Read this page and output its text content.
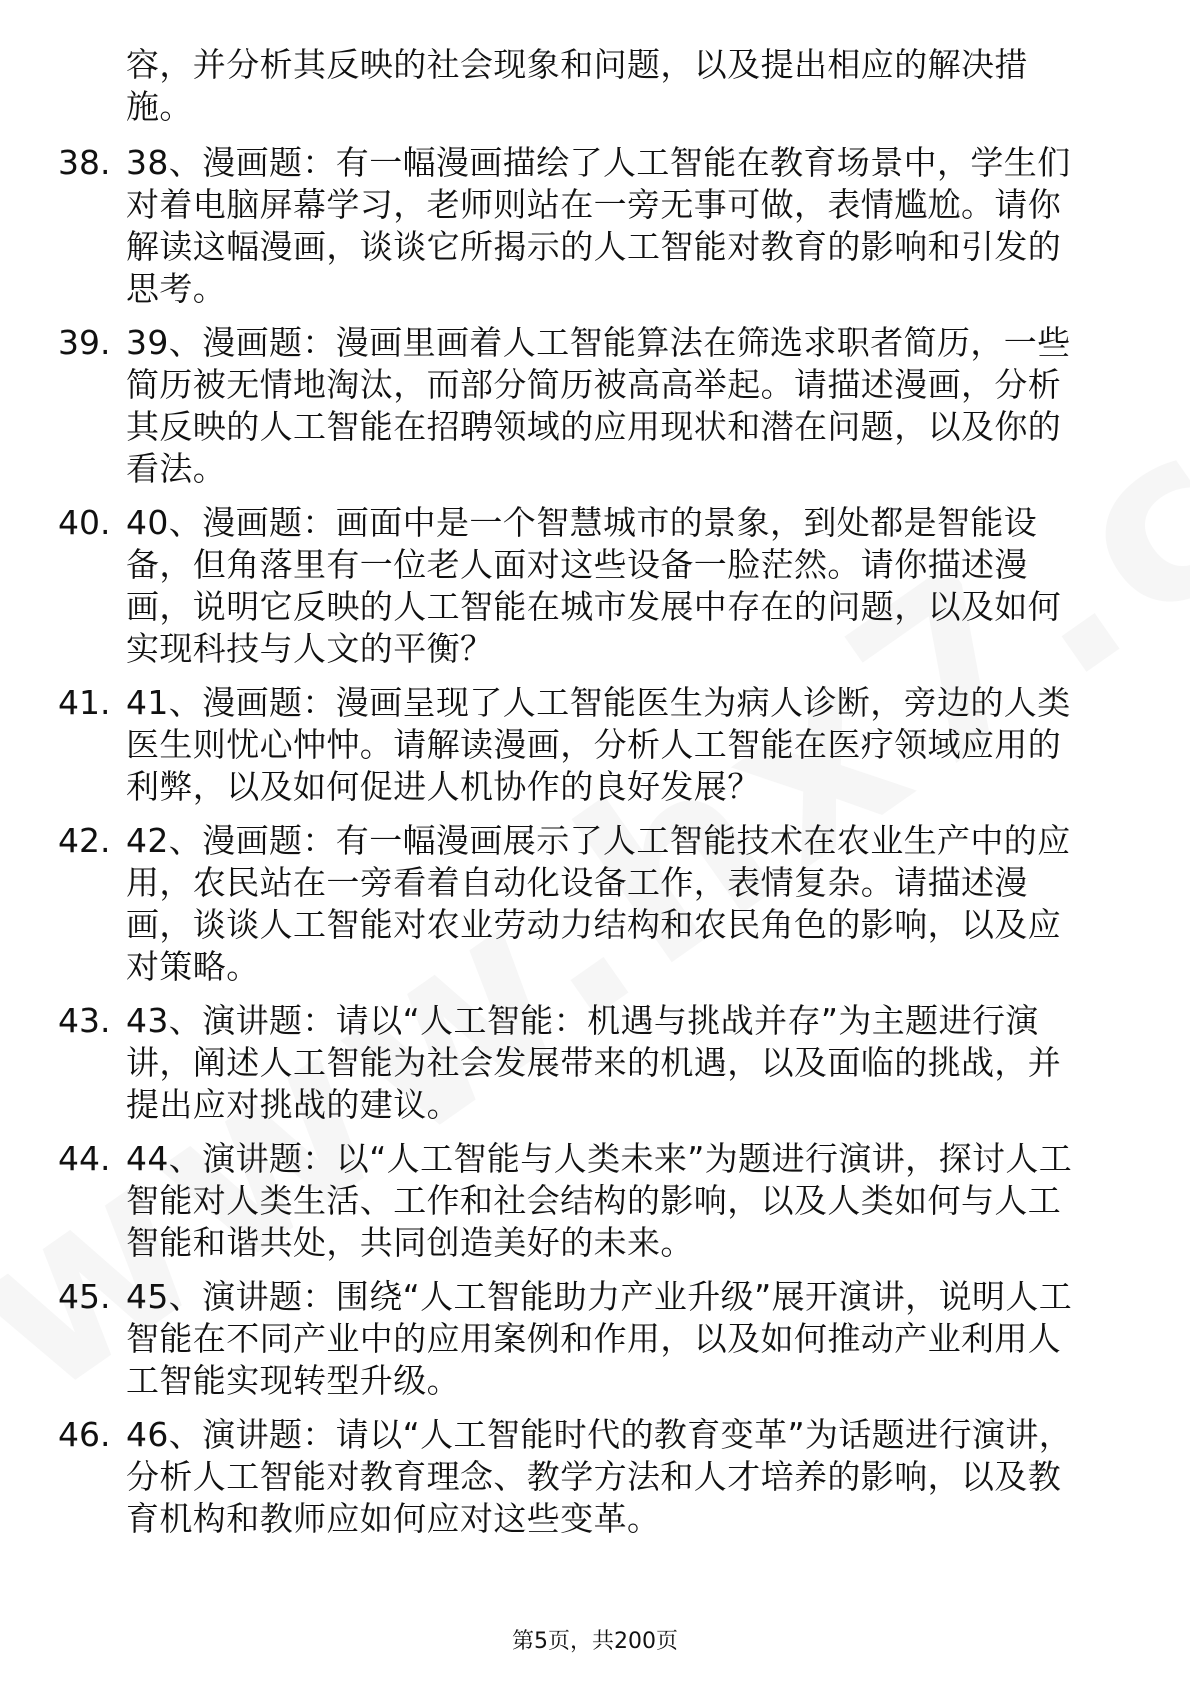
容，并分析其反映的社会现象和问题，以及提出相应的解决措
施。
38. 38、漫画题：有一幅漫画描绘了人工智能在教育场景中，学生们
对着电脑屏幕学习，老师则站在一旁无事可做，表情尴尬。请你
解读这幅漫画，谈谈它所揭示的人工智能对教育的影响和引发的
思考。
39. 39、漫画题：漫画里画着人工智能算法在筛选求职者简历，一些
简历被无情地淘汰，而部分简历被高高举起。请描述漫画，分析
其反映的人工智能在招聘领域的应用现状和潜在问题，以及你的
看法。
40. 40、漫画题：画面中是一个智慧城市的景象，到处都是智能设
备，但角落里有一位老人面对这些设备一脸茫然。请你描述漫
画，说明它反映的人工智能在城市发展中存在的问题，以及如何
实现科技与人文的平衡？
41. 41、漫画题：漫画呈现了人工智能医生为病人诊断，旁边的人类
医生则忧心忡忡。请解读漫画，分析人工智能在医疗领域应用的
利弊，以及如何促进人机协作的良好发展？
42. 42、漫画题：有一幅漫画展示了人工智能技术在农业生产中的应
用，农民站在一旁看着自动化设备工作，表情复杂。请描述漫
画，谈谈人工智能对农业劳动力结构和农民角色的影响，以及应
对策略。
43. 43、演讲题：请以“人工智能：机遇与挑战并存”为主题进行演
讲，阐述人工智能为社会发展带来的机遇，以及面临的挑战，并
提出应对挑战的建议。
44. 44、演讲题：以“人工智能与人类未来”为题进行演讲，探讨人工
智能对人类生活、工作和社会结构的影响，以及人类如何与人工
智能和谐共处，共同创造美好的未来。
45. 45、演讲题：围绕“人工智能助力产业升级”展开演讲，说明人工
智能在不同产业中的应用案例和作用，以及如何推动产业利用人
工智能实现转型升级。
46. 46、演讲题：请以“人工智能时代的教育变革”为话题进行演讲，
分析人工智能对教育理念、教学方法和人才培养的影响，以及教
育机构和教师应如何应对这些变革。
第5页，共200页
